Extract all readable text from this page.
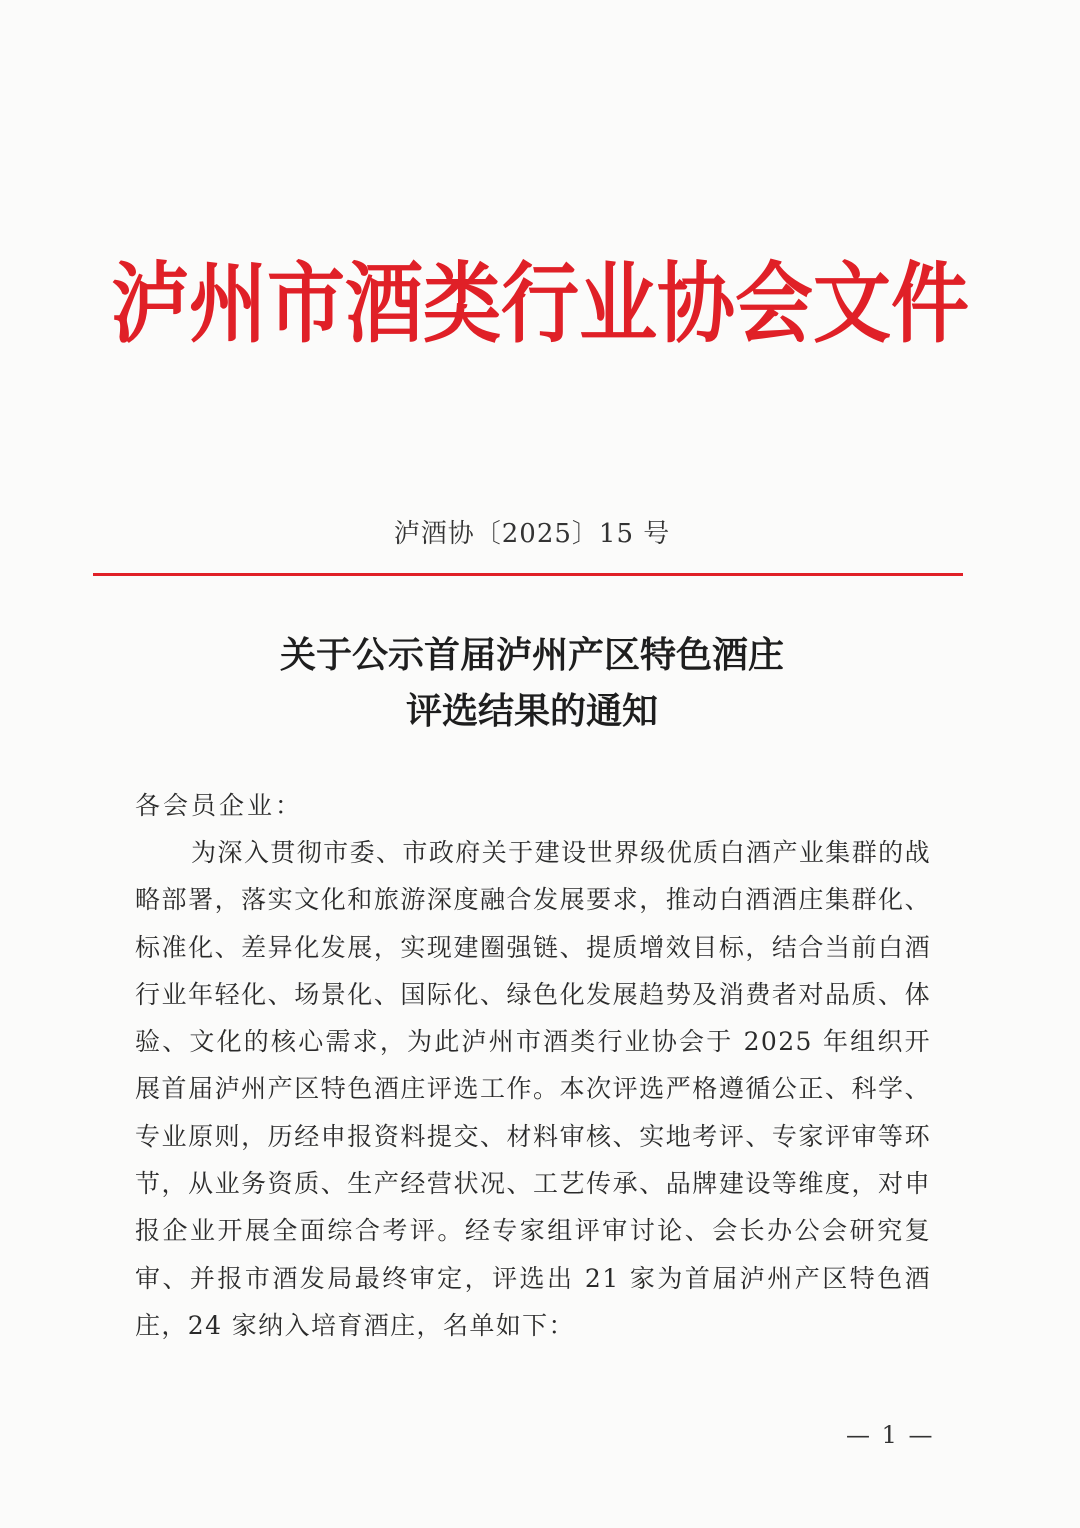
泸州市酒类行业协会文件
泸酒协〔2025〕15 号
关于公示首届泸州产区特色酒庄
评选结果的通知
各会员企业：
为深入贯彻市委、市政府关于建设世界级优质白酒产业集群的战略部署，落实文化和旅游深度融合发展要求，推动白酒酒庄集群化、标准化、差异化发展，实现建圈强链、提质增效目标，结合当前白酒行业年轻化、场景化、国际化、绿色化发展趋势及消费者对品质、体验、文化的核心需求，为此泸州市酒类行业协会于 2025 年组织开展首届泸州产区特色酒庄评选工作。本次评选严格遵循公正、科学、专业原则，历经申报资料提交、材料审核、实地考评、专家评审等环节，从业务资质、生产经营状况、工艺传承、品牌建设等维度，对申报企业开展全面综合考评。经专家组评审讨论、会长办公会研究复审、并报市酒发局最终审定，评选出 21 家为首届泸州产区特色酒庄，24 家纳入培育酒庄，名单如下：
— 1 —
